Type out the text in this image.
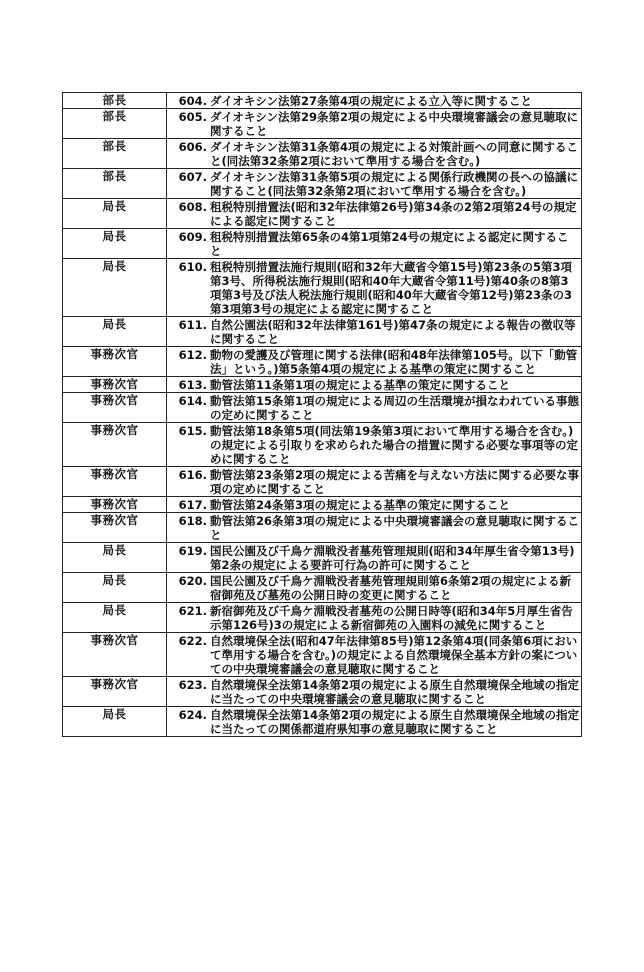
部長	604. ダイオキシン法第27条第4項の規定による立入等に関すること

部長	605. ダイオキシン法第29条第2項の規定による中央環境審議会の意見聴取に関すること

部長	606. ダイオキシン法第31条第4項の規定による対策計画への同意に関すること(同法第32条第2項において準用する場合を含む。)

部長	607. ダイオキシン法第31条第5項の規定による関係行政機関の長への協議に関すること(同法第32条第2項において準用する場合を含む。)

局長	608. 租税特別措置法(昭和32年法律第26号)第34条の2第2項第24号の規定による認定に関すること

局長	609. 租税特別措置法第65条の4第1項第24号の規定による認定に関すること

局長	610. 租税特別措置法施行規則(昭和32年大蔵省令第15号)第23条の5第3項第3号、所得税法施行規則(昭和40年大蔵省令第11号)第40条の8第3項第3号及び法人税法施行規則(昭和40年大蔵省令第12号)第23条の3第3項第3号の規定による認定に関すること

局長	611. 自然公園法(昭和32年法律第161号)第47条の規定による報告の徴収等に関すること

事務次官	612. 動物の愛護及び管理に関する法律(昭和48年法律第105号。以下「動管法」という。)第5条第4項の規定による基準の策定に関すること

事務次官	613. 動管法第11条第1項の規定による基準の策定に関すること

事務次官	614. 動管法第15条第1項の規定による周辺の生活環境が損なわれている事態の定めに関すること

事務次官	615. 動管法第18条第5項(同法第19条第3項において準用する場合を含む。)の規定による引取りを求められた場合の措置に関する必要な事項等の定めに関すること

事務次官	616. 動管法第23条第2項の規定による苦痛を与えない方法に関する必要な事項の定めに関すること

事務次官	617. 動管法第24条第3項の規定による基準の策定に関すること

事務次官	618. 動管法第26条第3項の規定による中央環境審議会の意見聴取に関すること

局長	619. 国民公園及び千鳥ケ淵戦没者墓苑管理規則(昭和34年厚生省令第13号)第2条の規定による要許可行為の許可に関すること

局長	620. 国民公園及び千鳥ケ淵戦没者墓苑管理規則第6条第2項の規定による新宿御苑及び墓苑の公開日時の変更に関すること

局長	621. 新宿御苑及び千鳥ケ淵戦没者墓苑の公開日時等(昭和34年5月厚生省告示第126号)3の規定による新宿御苑の入園料の減免に関すること

事務次官	622. 自然環境保全法(昭和47年法律第85号)第12条第4項(同条第6項において準用する場合を含む。)の規定による自然環境保全基本方針の案についての中央環境審議会の意見聴取に関すること

事務次官	623. 自然環境保全法第14条第2項の規定による原生自然環境保全地域の指定に当たっての中央環境審議会の意見聴取に関すること

局長	624. 自然環境保全法第14条第2項の規定による原生自然環境保全地域の指定に当たっての関係都道府県知事の意見聴取に関すること
